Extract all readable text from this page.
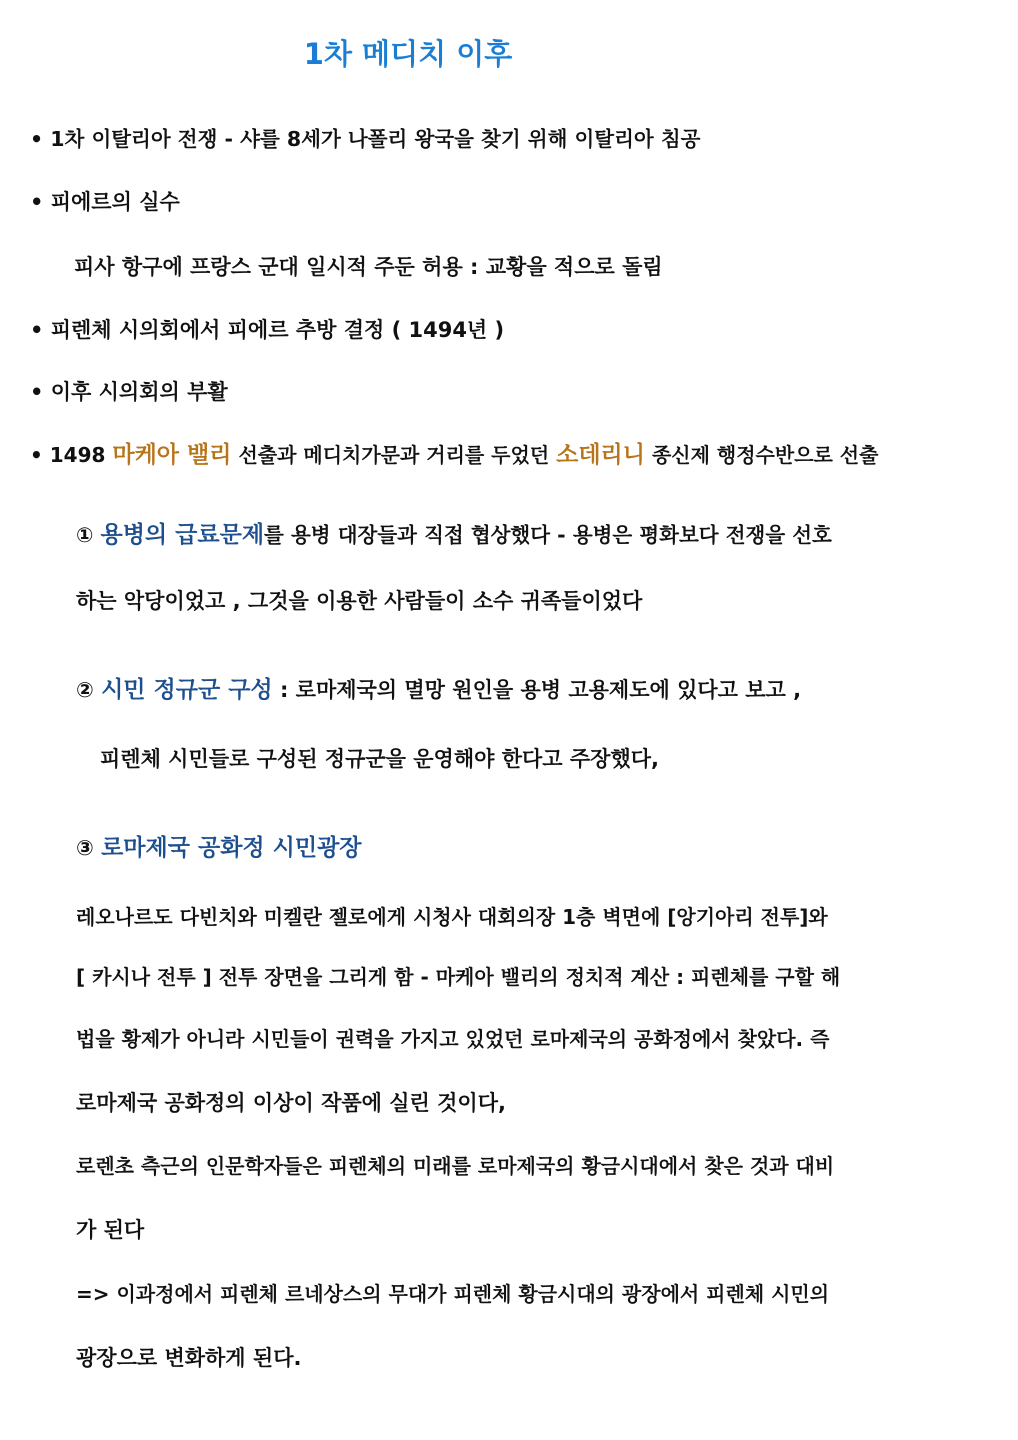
1차 메디치 이후
• 1차 이탈리아 전쟁 - 샤를 8세가 나폴리 왕국을 찾기 위해 이탈리아 침공
• 피에르의 실수
피사 항구에 프랑스 군대 일시적 주둔 허용 : 교황을 적으로 돌림
• 피렌체 시의회에서 피에르 추방 결정 ( 1494년 )
• 이후 시의회의 부활
• 1498 마케아 밸리 선출과 메디치가문과 거리를 두었던 소데리니 종신제 행정수반으로 선출
① 용병의 급료문제를 용병 대장들과 직접 협상했다 - 용병은 평화보다 전쟁을 선호
하는 악당이었고 , 그것을 이용한 사람들이 소수 귀족들이었다
② 시민 정규군 구성 : 로마제국의 멸망 원인을 용병 고용제도에 있다고 보고 ,
피렌체 시민들로 구성된 정규군을 운영해야 한다고 주장했다,
③ 로마제국 공화정 시민광장
레오나르도 다빈치와 미켈란 젤로에게 시청사 대회의장 1층 벽면에 [앙기아리 전투]와
[ 카시나 전투 ] 전투 장면을 그리게 함 - 마케아 밸리의 정치적 계산 : 피렌체를 구할 해
법을 황제가 아니라 시민들이 권력을 가지고 있었던 로마제국의 공화정에서 찾았다. 즉
로마제국 공화정의 이상이 작품에 실린 것이다,
로렌초 측근의 인문학자들은 피렌체의 미래를 로마제국의 황금시대에서 찾은 것과 대비
가 된다
=> 이과정에서 피렌체 르네상스의 무대가 피렌체 황금시대의 광장에서 피렌체 시민의
광장으로 변화하게 된다.
